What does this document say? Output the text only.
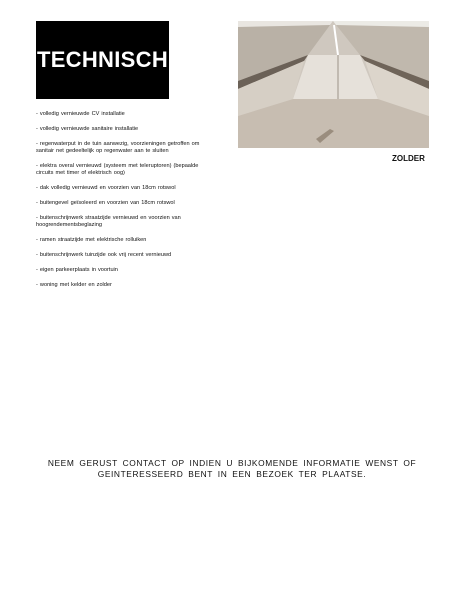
TECHNISCH
ZOLDER
- volledig vernieuwde CV installatie
- volledig vernieuwde sanitaire installatie
- regenwaterput in de tuin aanwezig, voorzieningen getroffen om sanitair net gedeeltelijk op regenwater aan te sluiten
- elektra overal vernieuwd (systeem met teleruptoren) (bepaalde circuits met timer of elektrisch oog)
- dak volledig vernieuwd en voorzien van 18cm rotswol
- buitengevel geïsoleerd en voorzien van 18cm rotswol
- buitenschrijnwerk straatzijde vernieuwd en voorzien van hoogrendementsbeglazing
- ramen straatzijde met elektrische rolluiken
- buitenschrijnwerk tuinzijde ook vrij recent vernieuwd
- eigen parkeerplaats in voortuin
- woning met kelder en zolder
NEEM GERUST CONTACT OP INDIEN U BIJKOMENDE INFORMATIE WENST OF
GEINTERESSEERD BENT IN EEN BEZOEK TER PLAATSE.
